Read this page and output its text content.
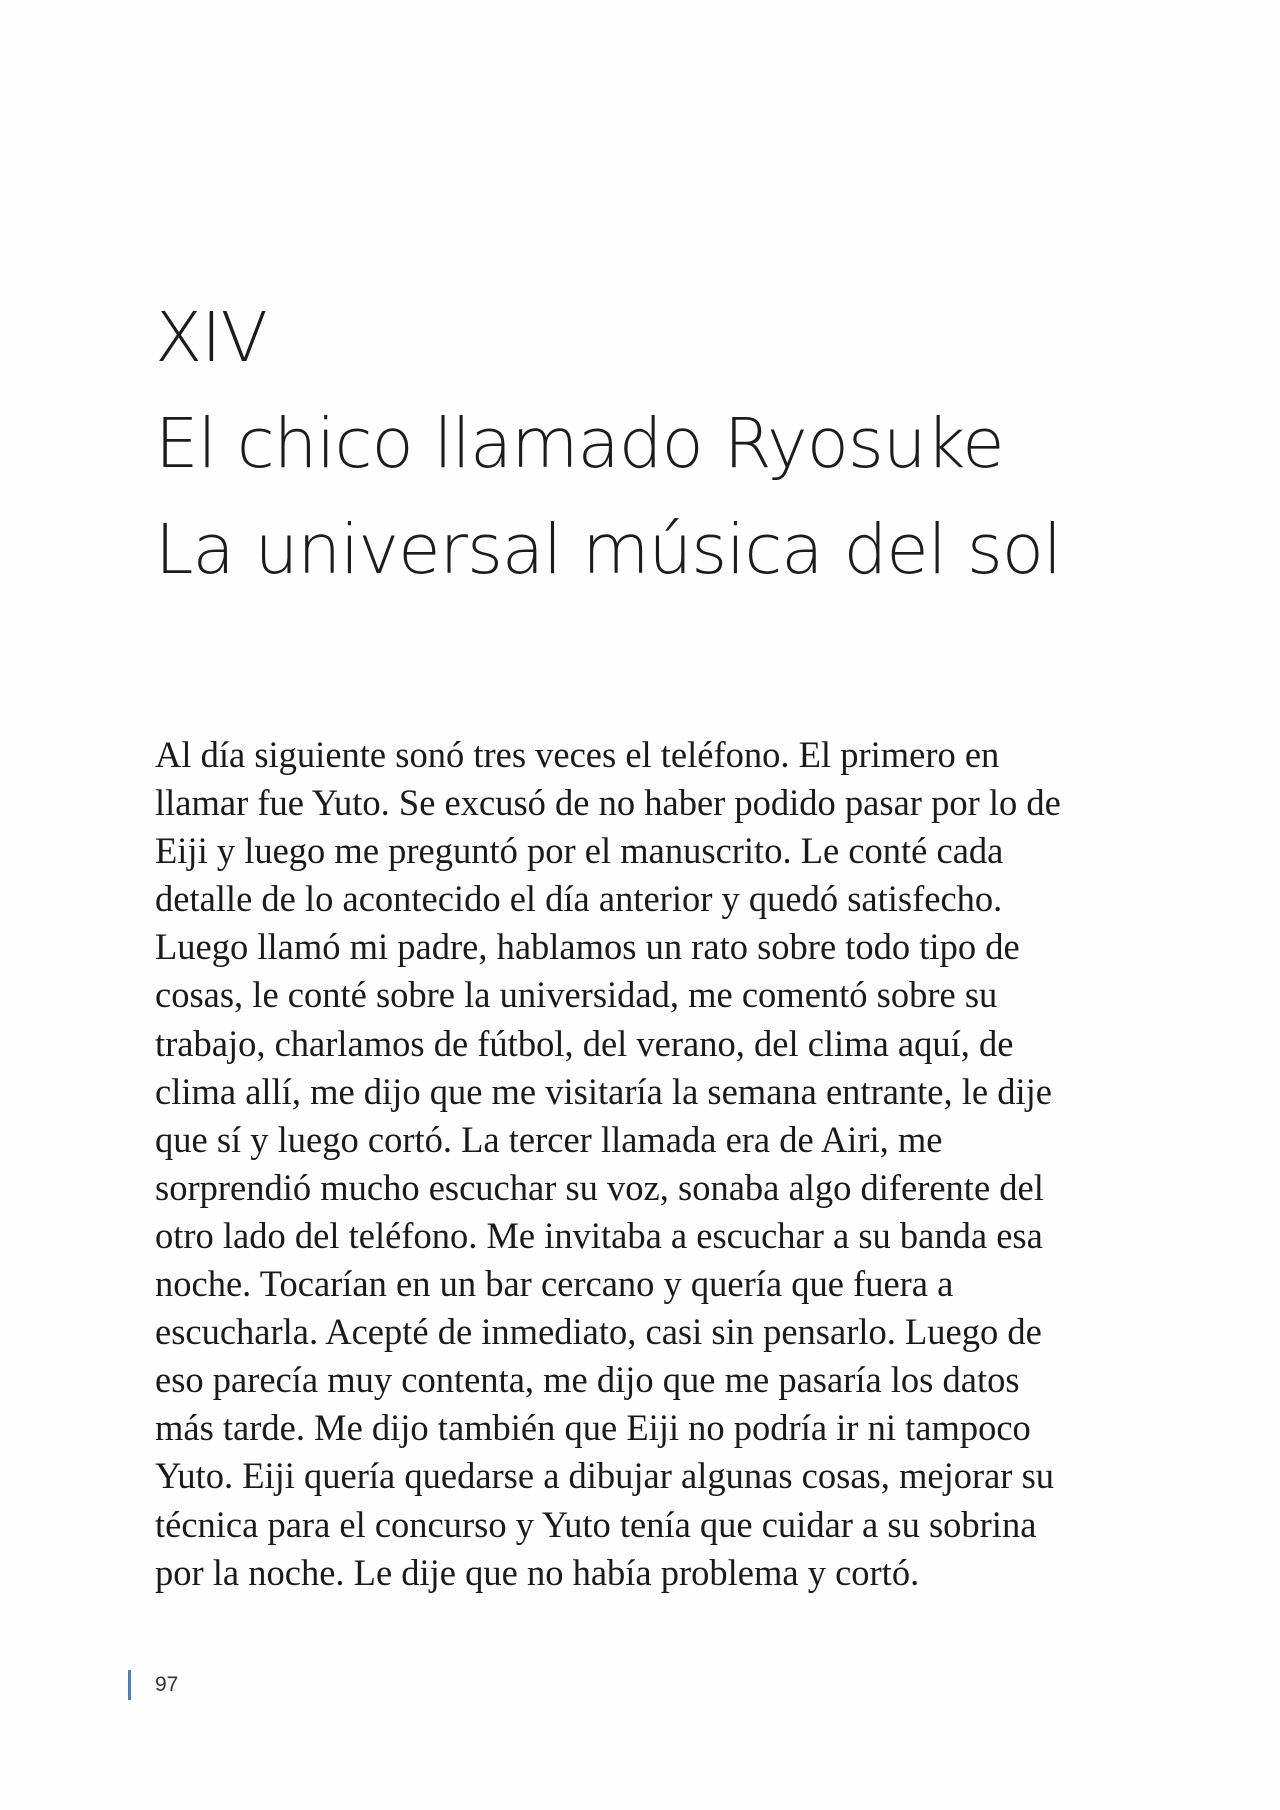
XIV
El chico llamado Ryosuke
La universal música del sol
Al día siguiente sonó tres veces el teléfono. El primero en
llamar fue Yuto. Se excusó de no haber podido pasar por lo de
Eiji y luego me preguntó por el manuscrito. Le conté cada
detalle de lo acontecido el día anterior y quedó satisfecho.
Luego llamó mi padre, hablamos un rato sobre todo tipo de
cosas, le conté sobre la universidad, me comentó sobre su
trabajo, charlamos de fútbol, del verano, del clima aquí, de
clima allí, me dijo que me visitaría la semana entrante, le dije
que sí y luego cortó. La tercer llamada era de Airi, me
sorprendió mucho escuchar su voz, sonaba algo diferente del
otro lado del teléfono. Me invitaba a escuchar a su banda esa
noche. Tocarían en un bar cercano y quería que fuera a
escucharla. Acepté de inmediato, casi sin pensarlo. Luego de
eso parecía muy contenta, me dijo que me pasaría los datos
más tarde. Me dijo también que Eiji no podría ir ni tampoco
Yuto. Eiji quería quedarse a dibujar algunas cosas, mejorar su
técnica para el concurso y Yuto tenía que cuidar a su sobrina
por la noche. Le dije que no había problema y cortó.
97
